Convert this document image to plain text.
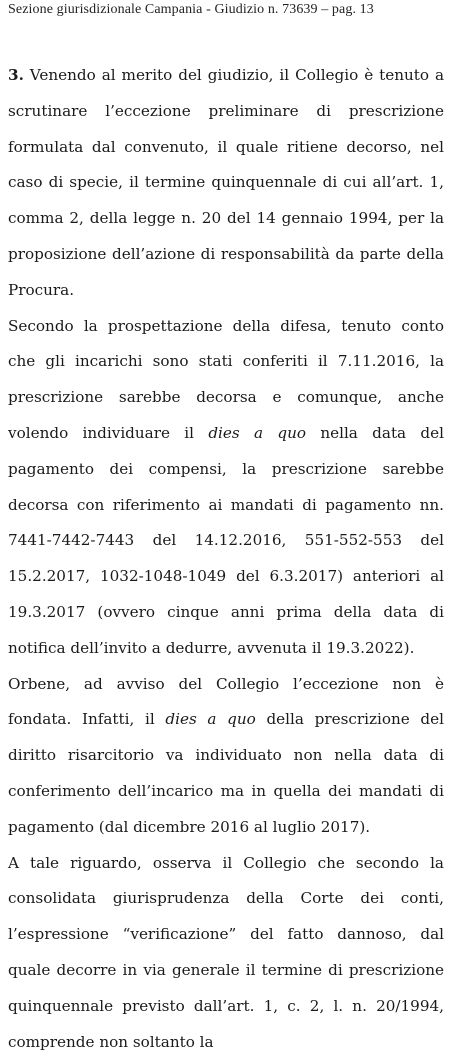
Sezione giurisdizionale Campania - Giudizio n. 73639 – pag. 13

3. Venendo al merito del giudizio, il Collegio è tenuto a scrutinare l’eccezione preliminare di prescrizione formulata dal convenuto, il quale ritiene decorso, nel caso di specie, il termine quinquennale di cui all’art. 1, comma 2, della legge n. 20 del 14 gennaio 1994, per la proposizione dell’azione di responsabilità da parte della Procura.

Secondo la prospettazione della difesa, tenuto conto che gli incarichi sono stati conferiti il 7.11.2016, la prescrizione sarebbe decorsa e comunque, anche volendo individuare il dies a quo nella data del pagamento dei compensi, la prescrizione sarebbe decorsa con riferimento ai mandati di pagamento nn. 7441-7442-7443 del 14.12.2016, 551-552-553 del 15.2.2017, 1032-1048-1049 del 6.3.2017) anteriori al 19.3.2017 (ovvero cinque anni prima della data di notifica dell’invito a dedurre, avvenuta il 19.3.2022).

Orbene, ad avviso del Collegio l’eccezione non è fondata. Infatti, il dies a quo della prescrizione del diritto risarcitorio va individuato non nella data di conferimento dell’incarico ma in quella dei mandati di pagamento (dal dicembre 2016 al luglio 2017).

A tale riguardo, osserva il Collegio che secondo la consolidata giurisprudenza della Corte dei conti, l’espressione “verificazione” del fatto dannoso, dal quale decorre in via generale il termine di prescrizione quinquennale previsto dall’art. 1, c. 2, l. n. 20/1994, comprende non soltanto la
